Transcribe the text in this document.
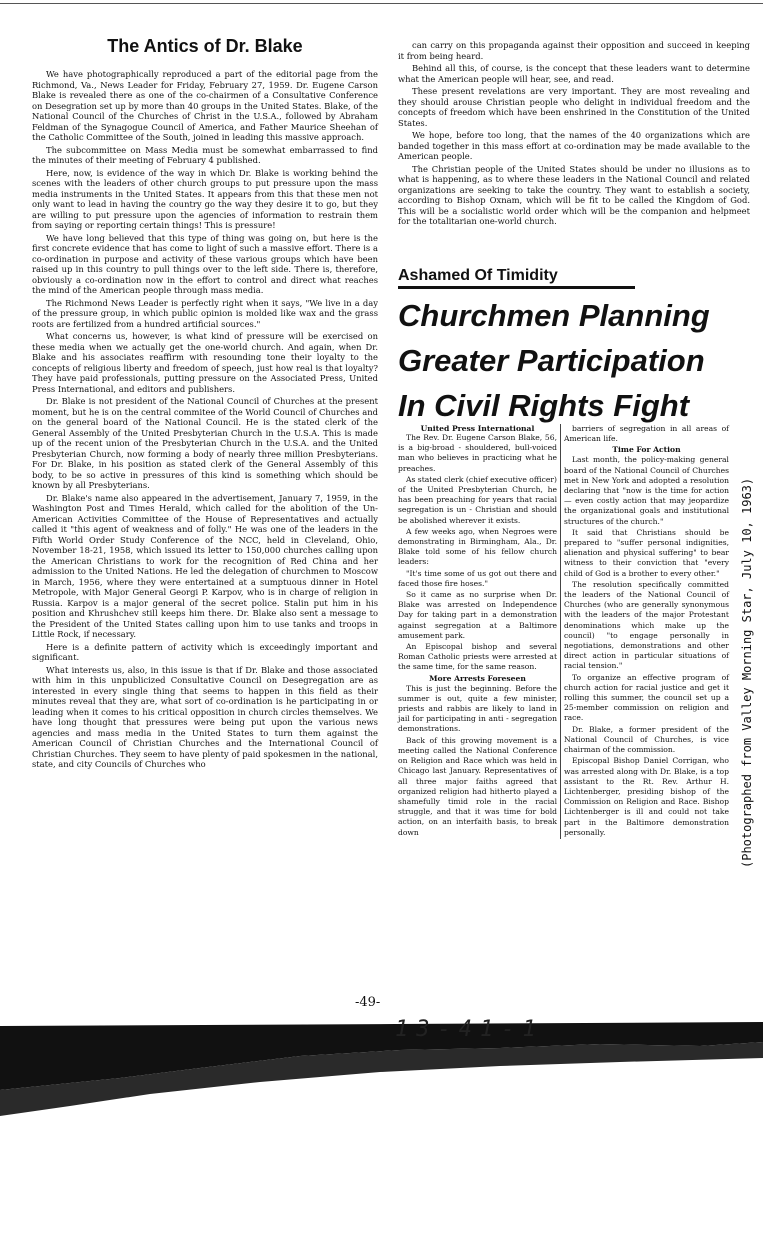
The Antics of Dr. Blake

We have photographically reproduced a part of the editorial page from the Richmond, Va., News Leader for Friday, February 27, 1959. Dr. Eugene Carson Blake is revealed there as one of the co-chairmen of a Consultative Conference on Desegration set up by more than 40 groups in the United States. Blake, of the National Council of the Churches of Christ in the U.S.A., followed by Abraham Feldman of the Synagogue Council of America, and Father Maurice Sheehan of the Catholic Committee of the South, joined in leading this massive approach.

The subcommittee on Mass Media must be somewhat embarrassed to find the minutes of their meeting of February 4 published.

Here, now, is evidence of the way in which Dr. Blake is working behind the scenes with the leaders of other church groups to put pressure upon the mass media instruments in the United States. It appears from this that these men not only want to lead in having the country go the way they desire it to go, but they are willing to put pressure upon the agencies of information to restrain them from saying or reporting certain things! This is pressure!

We have long believed that this type of thing was going on, but here is the first concrete evidence that has come to light of such a massive effort. There is a co-ordination in purpose and activity of these various groups which have been raised up in this country to pull things over to the left side. There is, therefore, obviously a co-ordination now in the effort to control and direct what reaches the mind of the American people through mass media.

The Richmond News Leader is perfectly right when it says, "We live in a day of the pressure group, in which public opinion is molded like wax and the grass roots are fertilized from a hundred artificial sources."

What concerns us, however, is what kind of pressure will be exercised on these media when we actually get the one-world church. And again, when Dr. Blake and his associates reaffirm with resounding tone their loyalty to the concepts of religious liberty and freedom of speech, just how real is that loyalty? They have paid professionals, putting pressure on the Associated Press, United Press International, and editors and publishers.

Dr. Blake is not president of the National Council of Churches at the present moment, but he is on the central commitee of the World Council of Churches and on the general board of the National Council. He is the stated clerk of the General Assembly of the United Presbyterian Church in the U.S.A. This is made up of the recent union of the Presbyterian Church in the U.S.A. and the United Presbyterian Church, now forming a body of nearly three million Presbyterians. For Dr. Blake, in his position as stated clerk of the General Assembly of this body, to be so active in pressures of this kind is something which should be known by all Presbyterians.

Dr. Blake's name also appeared in the advertisement, January 7, 1959, in the Washington Post and Times Herald, which called for the abolition of the Un-American Activities Committee of the House of Representatives and actually called it "this agent of weakness and of folly." He was one of the leaders in the Fifth World Order Study Conference of the NCC, held in Cleveland, Ohio, November 18-21, 1958, which issued its letter to 150,000 churches calling upon the American Christians to work for the recognition of Red China and her admission to the United Nations. He led the delegation of churchmen to Moscow in March, 1956, where they were entertained at a sumptuous dinner in Hotel Metropole, with Major General Georgi P. Karpov, who is in charge of religion in Russia. Karpov is a major general of the secret police. Stalin put him in his position and Khrushchev still keeps him there. Dr. Blake also sent a message to the President of the United States calling upon him to use tanks and troops in Little Rock, if necessary.

Here is a definite pattern of activity which is exceedingly important and significant.

What interests us, also, in this issue is that if Dr. Blake and those associated with him in this unpublicized Consultative Council on Desegregation are as interested in every single thing that seems to happen in this field as their minutes reveal that they are, what sort of co-ordination is he participating in or leading when it comes to his critical opposition in church circles themselves. We have long thought that pressures were being put upon the various news agencies and mass media in the United States to turn them against the American Council of Christian Churches and the International Council of Christian Churches. They seem to have plenty of paid spokesmen in the national, state, and city Councils of Churches who

can carry on this propaganda against their opposition and succeed in keeping it from being heard.

Behind all this, of course, is the concept that these leaders want to determine what the American people will hear, see, and read.

These present revelations are very important. They are most revealing and they should arouse Christian people who delight in individual freedom and the concepts of freedom which have been enshrined in the Constitution of the United States.

We hope, before too long, that the names of the 40 organizations which are banded together in this mass effort at co-ordination may be made available to the American people.

The Christian people of the United States should be under no illusions as to what is happening, as to where these leaders in the National Council and related organizations are seeking to take the country. They want to establish a society, according to Bishop Oxnam, which will be fit to be called the Kingdom of God. This will be a socialistic world order which will be the companion and helpmeet for the totalitarian one-world church.

Ashamed Of Timidity
Churchmen Planning
Greater Participation
In Civil Rights Fight

United Press International

The Rev. Dr. Eugene Carson Blake, 56, is a big-broad - shouldered, bull-voiced man who believes in practicing what he preaches.

As stated clerk (chief executive officer) of the United Presbyterian Church, he has been preaching for years that racial segregation is un - Christian and should be abolished wherever it exists.

A few weeks ago, when Negroes were demonstrating in Birmingham, Ala., Dr. Blake told some of his fellow church leaders:

"It's time some of us got out there and faced those fire hoses."

So it came as no surprise when Dr. Blake was arrested on Independence Day for taking part in a demonstration against segregation at a Baltimore amusement park.

An Episcopal bishop and several Roman Catholic priests were arrested at the same time, for the same reason.

More Arrests Foreseen

This is just the beginning. Before the summer is out, quite a few minister, priests and rabbis are likely to land in jail for participating in anti - segregation demonstrations.

Back of this growing movement is a meeting called the National Conference on Religion and Race which was held in Chicago last January. Representatives of all three major faiths agreed that organized religion had hitherto played a shamefully timid role in the racial struggle, and that it was time for bold action, on an interfaith basis, to break down

barriers of segregation in all areas of American life.

Time For Action

Last month, the policy-making general board of the National Council of Churches met in New York and adopted a resolution declaring that "now is the time for action — even costly action that may jeopardize the organizational goals and institutional structures of the church."

It said that Christians should be prepared to "suffer personal indignities, alienation and physical suffering" to bear witness to their conviction that "every child of God is a brother to every other."

The resolution specifically committed the leaders of the National Council of Churches (who are generally synonymous with the leaders of the major Protestant denominations which make up the council) "to engage personally in negotiations, demonstrations and other direct action in particular situations of racial tension."

To organize an effective program of church action for racial justice and get it rolling this summer, the council set up a 25-member commission on religion and race.

Dr. Blake, a former president of the National Council of Churches, is vice chairman of the commission.

Episcopal Bishop Daniel Corrigan, who was arrested along with Dr. Blake, is a top assistant to the Rt. Rev. Arthur H. Lichtenberger, presiding bishop of the Commission on Religion and Race. Bishop Lichtenberger is ill and could not take part in the Baltimore demonstration personally.	(Photographed from Valley Morning Star, July 10, 1963)
-49-
13-41-1
